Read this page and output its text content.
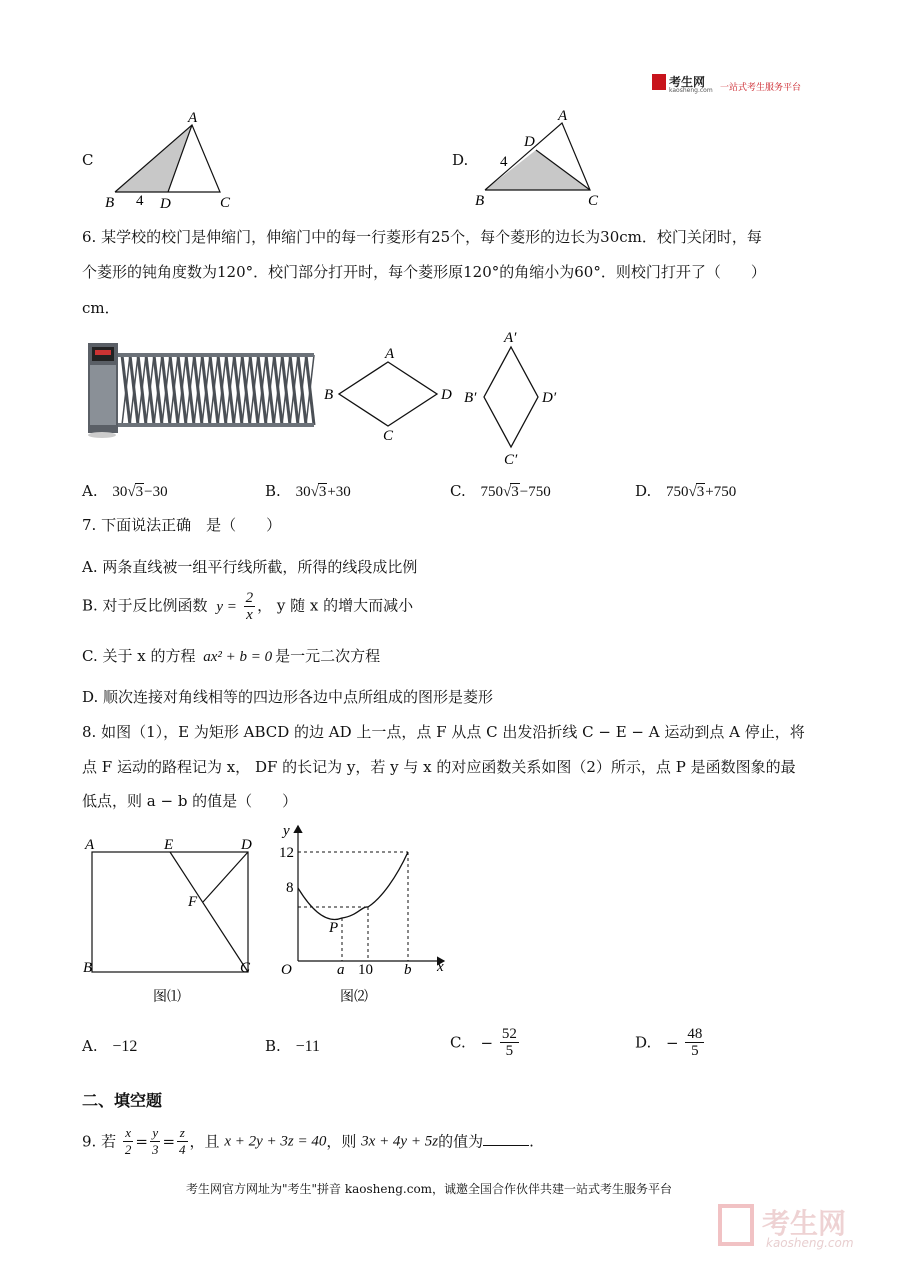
考生网
kaosheng.com 一站式考生服务平台
C
A
B	D	C
4
D.
A
D
4
B	C
6. 某学校的校门是伸缩门，伸缩门中的每一行菱形有25个，每个菱形的边长为30cm．校门关闭时，每
个菱形的钝角度数为120°．校门部分打开时，每个菱形原120°的角缩小为60°．则校门打开了（　　）
cm．
A
B	D
C
A′
B′	D′
C′
A. 30√3−30	B. 30√3+30	C. 750√3−750	D. 750√3+750
7. 下面说法正确　是（　　）
A. 两条直线被一组平行线所截，所得的线段成比例
B. 对于反比例函数 $y = \frac{2}{x}$ ， y 随 x 的增大而减小
C. 关于 x 的方程 ax² + b = 0 是一元二次方程
D. 顺次连接对角线相等的四边形各边中点所组成的图形是菱形
8. 如图（1），E 为矩形 ABCD 的边 AD 上一点，点 F 从点 C 出发沿折线 C − E − A 运动到点 A 停止，将
点 F 运动的路程记为 x， DF 的长记为 y，若 y 与 x 的对应函数关系如图（2）所示，点 P 是函数图象的最
低点，则 a − b 的值是（　　）
A	E	D
F
B	C
图⑴
y
12
8
P
O	a 10 b x
图⑵
A. −12	B. −11	C. − $\frac{52}{5}$	D. − $\frac{48}{5}$
二、填空题
9. 若 $\frac{x}{2} = \frac{y}{3} = \frac{z}{4}$ ，且 x + 2y + 3z = 40，则 3x + 4y + 5z的值为	.
考生网官方网址为"考生"拼音 kaosheng.com，诚邀全国合作伙伴共建一站式考生服务平台
考生网
kaosheng.com
